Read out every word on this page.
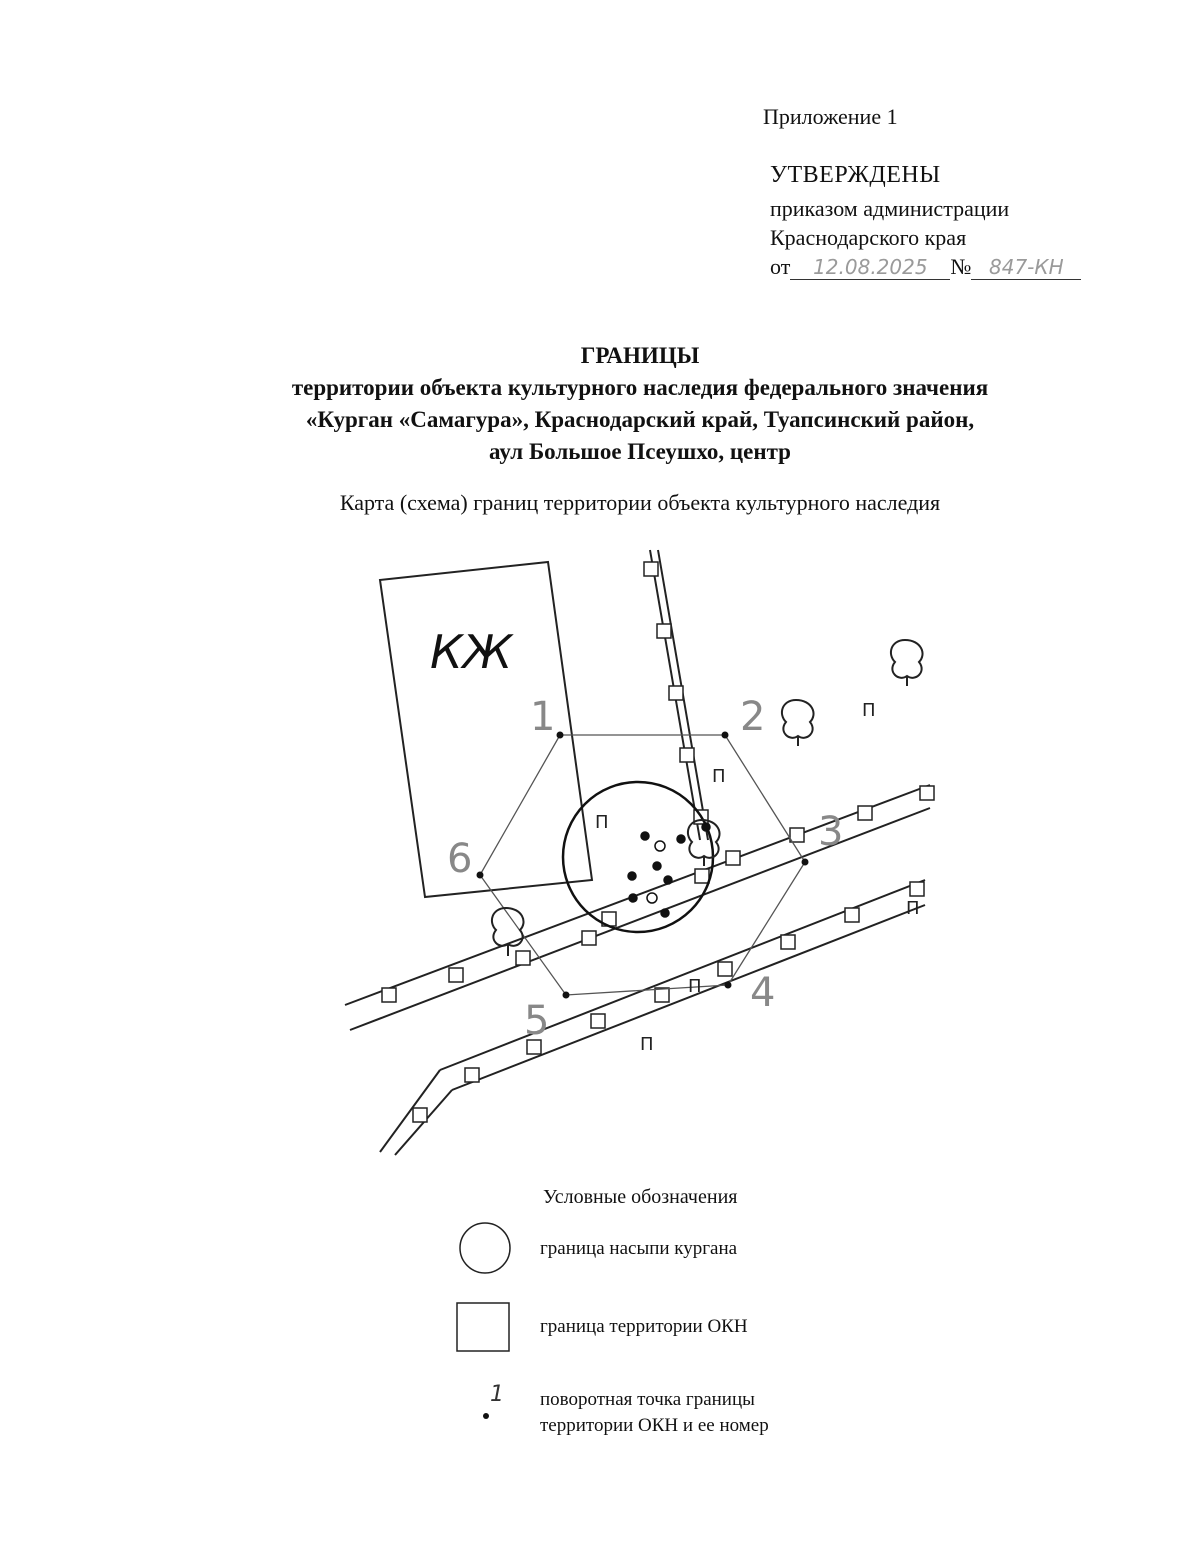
Приложение 1
УТВЕРЖДЕНЫ
приказом администрации
Краснодарского края
от 12.08.2025 № 847-КН
ГРАНИЦЫ
территории объекта культурного наследия федерального значения
«Курган «Самагура», Краснодарский край, Туапсинский район,
аул Большое Псеушхо, центр
Карта (схема) границ территории объекта культурного наследия
КЖ
1	2
3
4
5
6
П
П
П
П
П
П
Условные обозначения
граница насыпи кургана
граница территории ОКН
1 поворотная точка границы
территории ОКН и ее номер
